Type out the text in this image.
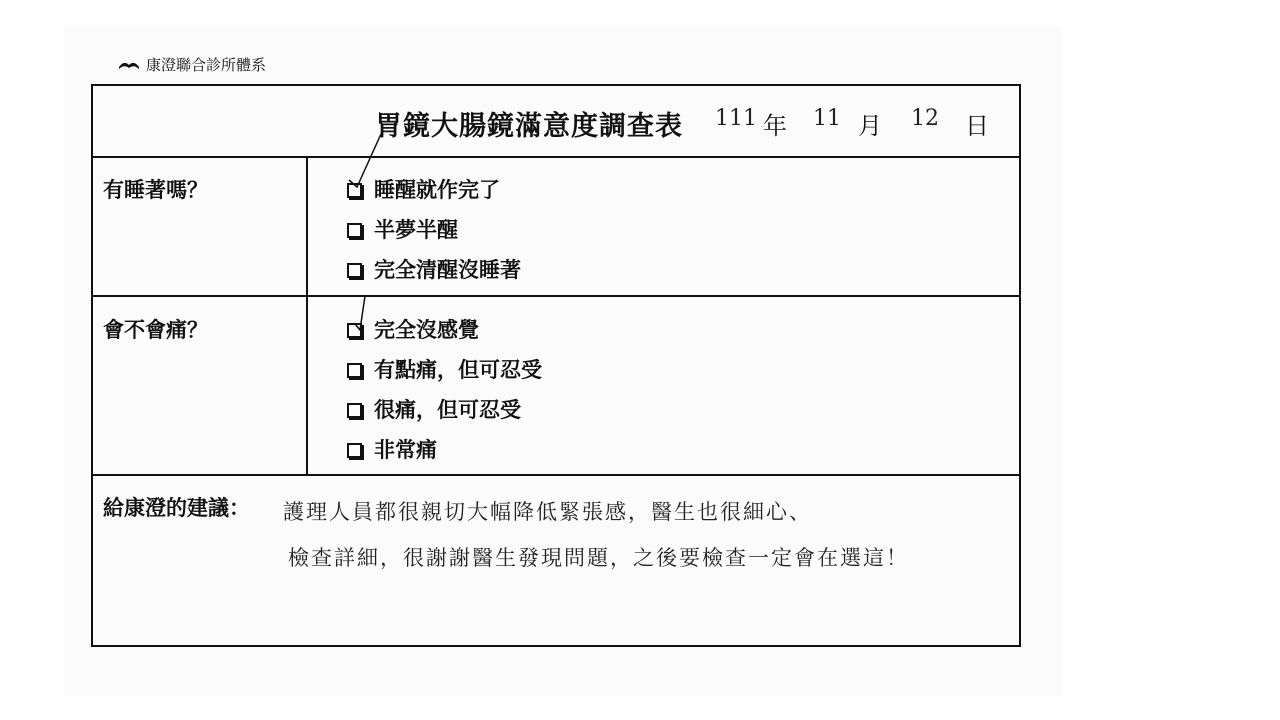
康澄聯合診所體系
胃鏡大腸鏡滿意度調查表 111 年 11 月 12 日
有睡著嗎？	睡醒就作完了
半夢半醒
完全清醒沒睡著
會不會痛？	完全沒感覺
有點痛，但可忍受
很痛，但可忍受
非常痛
給康澄的建議： 護理人員都很親切大幅降低緊張感，醫生也很細心、
檢查詳細，很謝謝醫生發現問題，之後要檢查一定會在選這！
